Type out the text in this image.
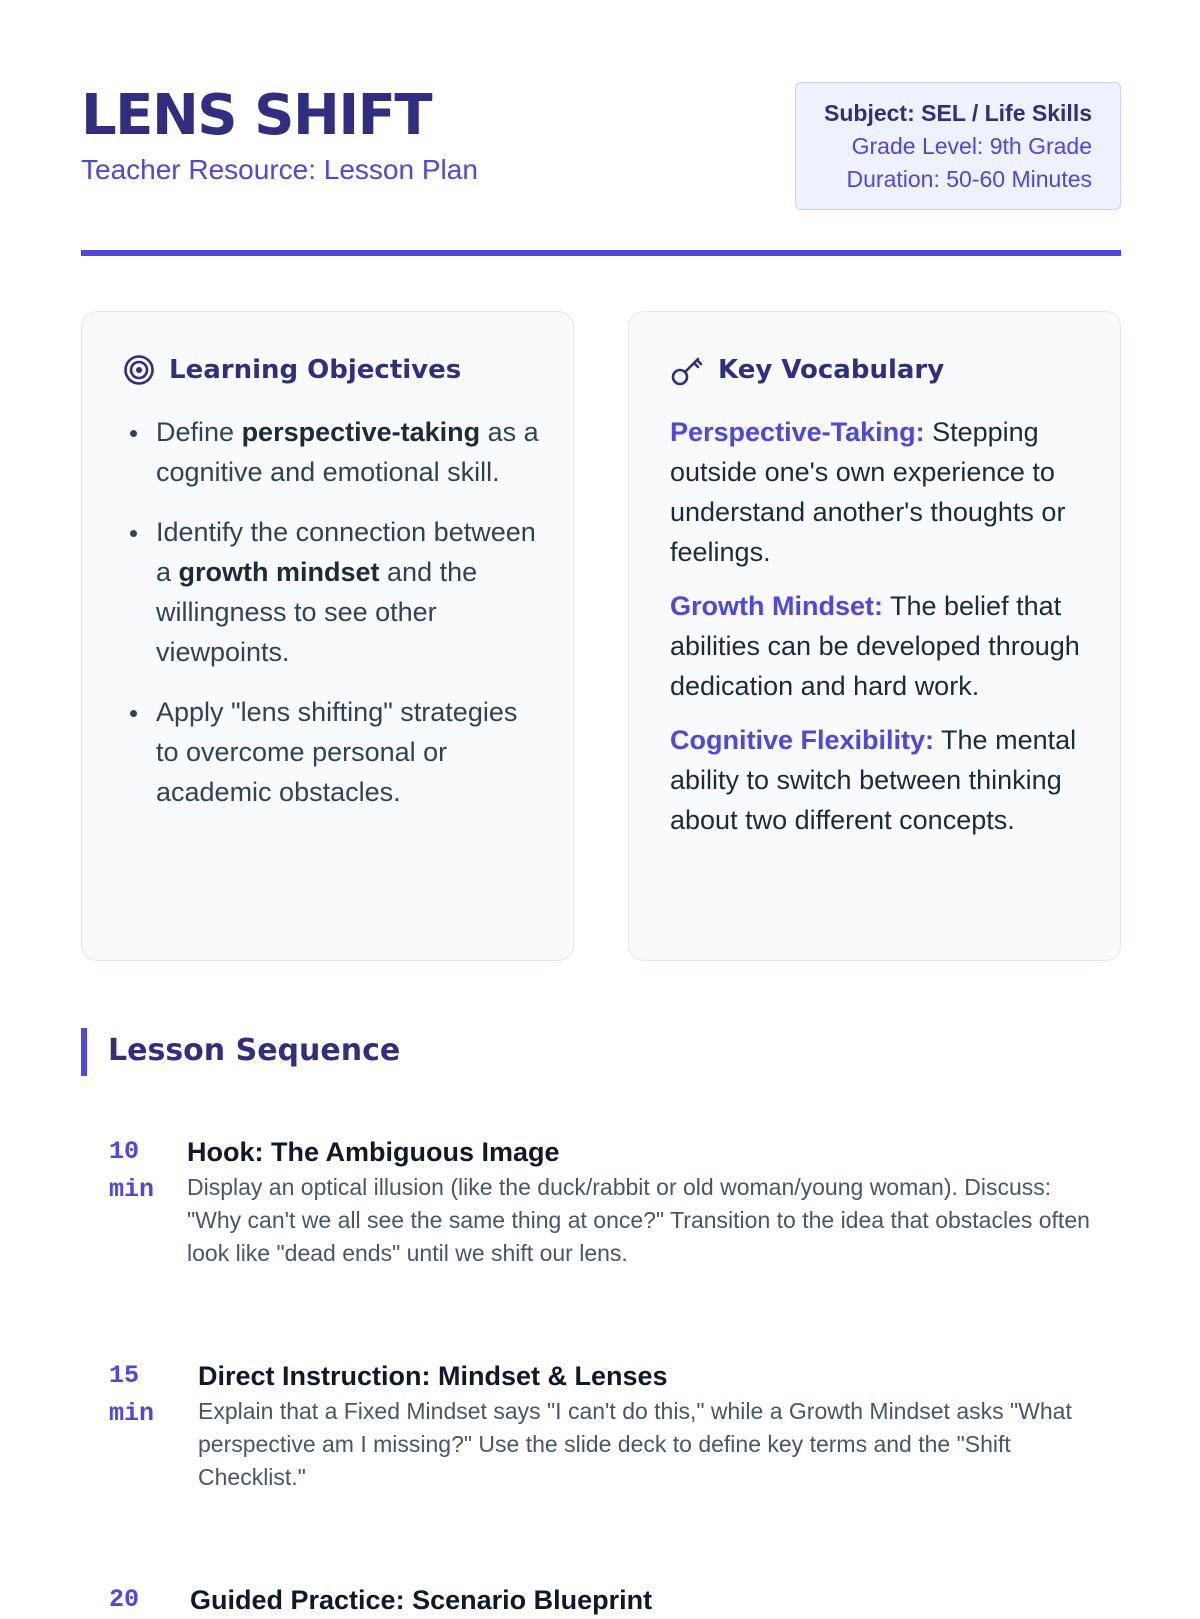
LENS SHIFT
Teacher Resource: Lesson Plan
Subject: SEL / Life Skills
Grade Level: 9th Grade
Duration: 50-60 Minutes
Learning Objectives
Define perspective-taking as a cognitive and emotional skill.
Identify the connection between a growth mindset and the willingness to see other viewpoints.
Apply "lens shifting" strategies to overcome personal or academic obstacles.
Key Vocabulary
Perspective-Taking: Stepping outside one's own experience to understand another's thoughts or feelings.
Growth Mindset: The belief that abilities can be developed through dedication and hard work.
Cognitive Flexibility: The mental ability to switch between thinking about two different concepts.
Lesson Sequence
10
min
Hook: The Ambiguous Image
Display an optical illusion (like the duck/rabbit or old woman/young woman). Discuss: "Why can't we all see the same thing at once?" Transition to the idea that obstacles often look like "dead ends" until we shift our lens.
15
min
Direct Instruction: Mindset & Lenses
Explain that a Fixed Mindset says "I can't do this," while a Growth Mindset asks "What perspective am I missing?" Use the slide deck to define key terms and the "Shift Checklist."
20	Guided Practice: Scenario Blueprint
